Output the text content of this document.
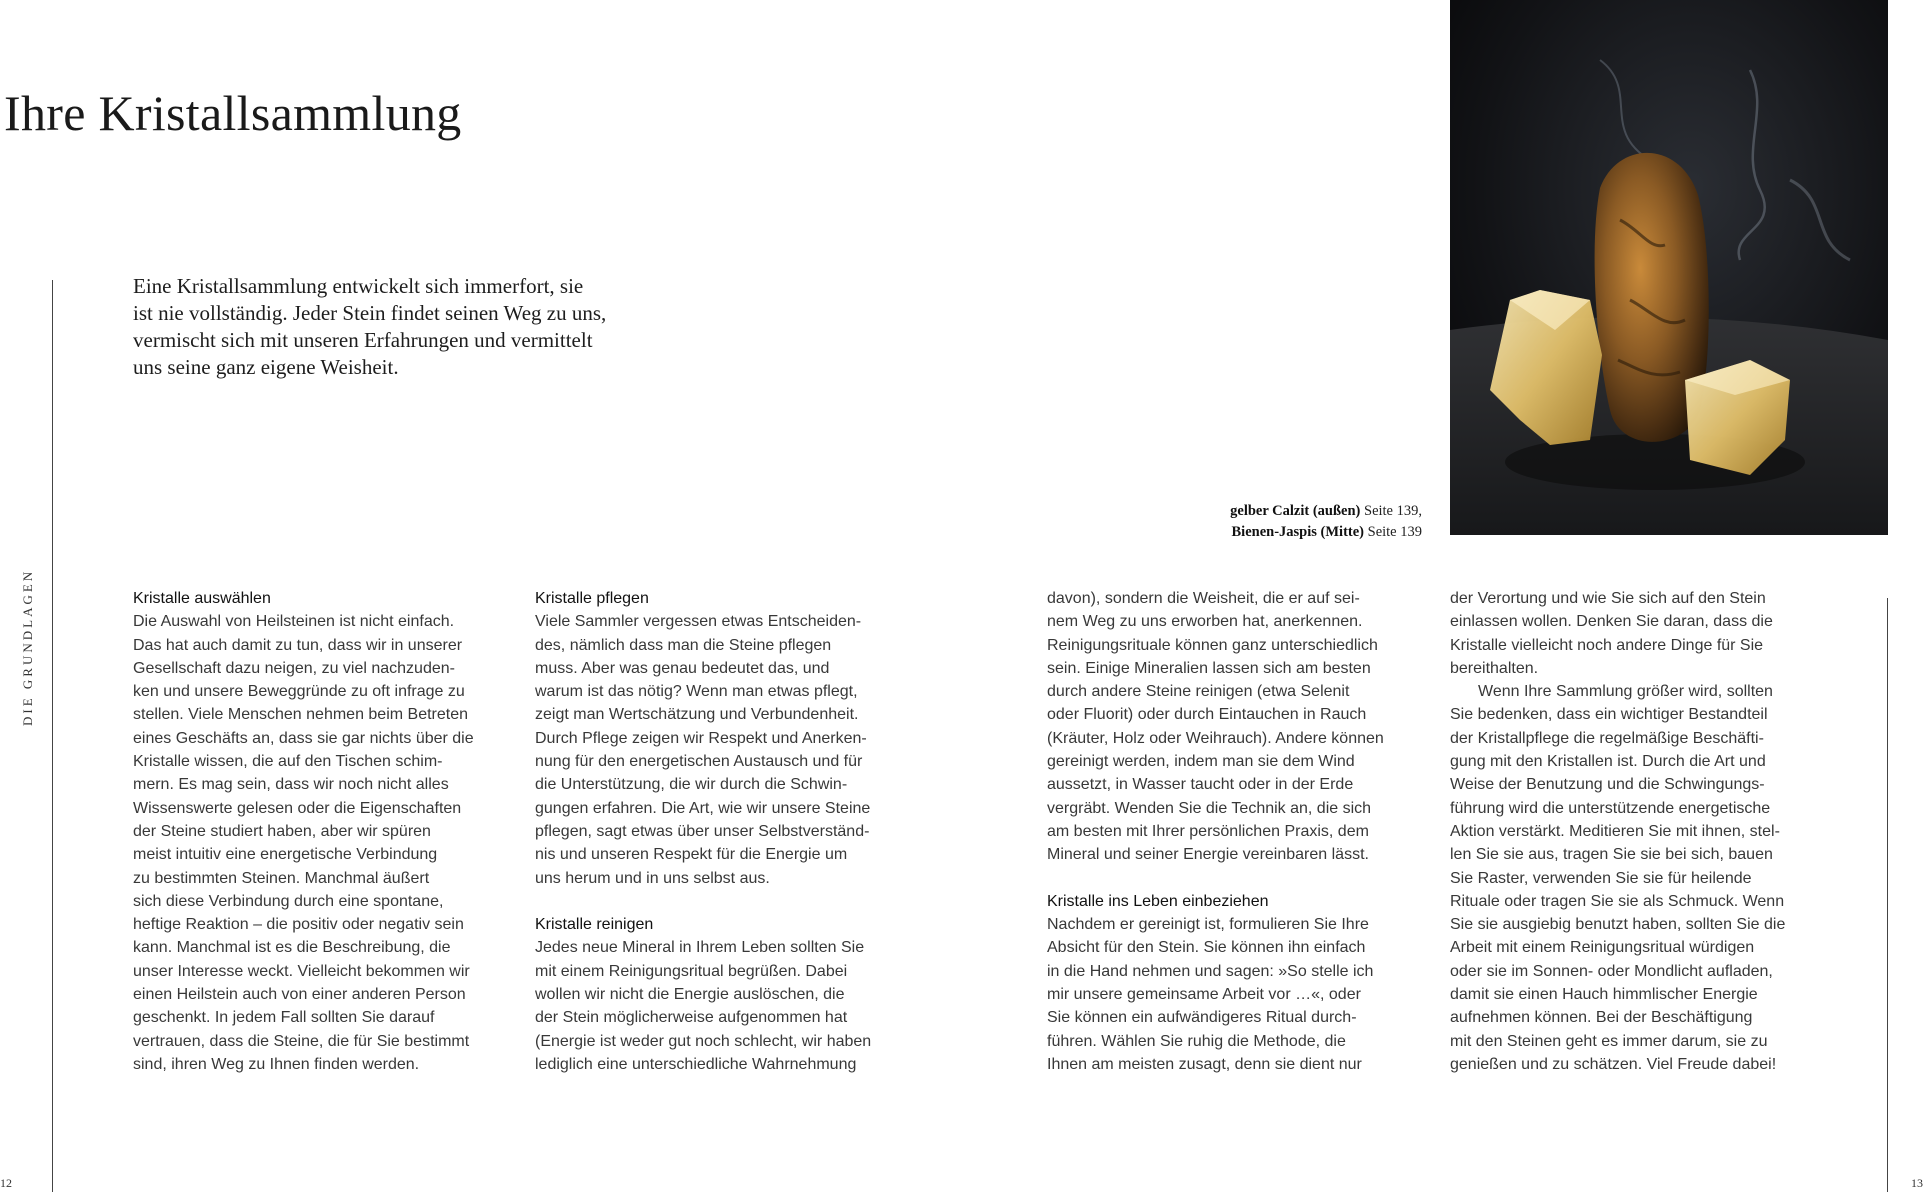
Ihre Kristallsammlung
Eine Kristallsammlung entwickelt sich immerfort, sie
ist nie vollständig. Jeder Stein findet seinen Weg zu uns,
vermischt sich mit unseren Erfahrungen und vermittelt
uns seine ganz eigene Weisheit.
DIE GRUNDLAGEN
gelber Calzit (außen) Seite 139,
Bienen-Jaspis (Mitte) Seite 139
Kristalle auswählen
Die Auswahl von Heilsteinen ist nicht einfach.
Das hat auch damit zu tun, dass wir in unserer
Gesellschaft dazu neigen, zu viel nachzuden-
ken und unsere Beweggründe zu oft infrage zu
stellen. Viele Menschen nehmen beim Betreten
eines Geschäfts an, dass sie gar nichts über die
Kristalle wissen, die auf den Tischen schim-
mern. Es mag sein, dass wir noch nicht alles
Wissenswerte gelesen oder die Eigenschaften
der Steine studiert haben, aber wir spüren
meist intuitiv eine energetische Verbindung
zu bestimmten Steinen. Manchmal äußert
sich diese Verbindung durch eine spontane,
heftige Reaktion – die positiv oder negativ sein
kann. Manchmal ist es die Beschreibung, die
unser Interesse weckt. Vielleicht bekommen wir
einen Heilstein auch von einer anderen Person
geschenkt. In jedem Fall sollten Sie darauf
vertrauen, dass die Steine, die für Sie bestimmt
sind, ihren Weg zu Ihnen finden werden.
Kristalle pflegen
Viele Sammler vergessen etwas Entscheiden-
des, nämlich dass man die Steine pflegen
muss. Aber was genau bedeutet das, und
warum ist das nötig? Wenn man etwas pflegt,
zeigt man Wertschätzung und Verbundenheit.
Durch Pflege zeigen wir Respekt und Anerken-
nung für den energetischen Austausch und für
die Unterstützung, die wir durch die Schwin-
gungen erfahren. Die Art, wie wir unsere Steine
pflegen, sagt etwas über unser Selbstverständ-
nis und unseren Respekt für die Energie um
uns herum und in uns selbst aus.
Kristalle reinigen
Jedes neue Mineral in Ihrem Leben sollten Sie
mit einem Reinigungsritual begrüßen. Dabei
wollen wir nicht die Energie auslöschen, die
der Stein möglicherweise aufgenommen hat
(Energie ist weder gut noch schlecht, wir haben
lediglich eine unterschiedliche Wahrnehmung
davon), sondern die Weisheit, die er auf sei-
nem Weg zu uns erworben hat, anerkennen.
Reinigungsrituale können ganz unterschiedlich
sein. Einige Mineralien lassen sich am besten
durch andere Steine reinigen (etwa Selenit
oder Fluorit) oder durch Eintauchen in Rauch
(Kräuter, Holz oder Weihrauch). Andere können
gereinigt werden, indem man sie dem Wind
aussetzt, in Wasser taucht oder in der Erde
vergräbt. Wenden Sie die Technik an, die sich
am besten mit Ihrer persönlichen Praxis, dem
Mineral und seiner Energie vereinbaren lässt.
Kristalle ins Leben einbeziehen
Nachdem er gereinigt ist, formulieren Sie Ihre
Absicht für den Stein. Sie können ihn einfach
in die Hand nehmen und sagen: »So stelle ich
mir unsere gemeinsame Arbeit vor …«, oder
Sie können ein aufwändigeres Ritual durch-
führen. Wählen Sie ruhig die Methode, die
Ihnen am meisten zusagt, denn sie dient nur
der Verortung und wie Sie sich auf den Stein
einlassen wollen. Denken Sie daran, dass die
Kristalle vielleicht noch andere Dinge für Sie
bereithalten.
Wenn Ihre Sammlung größer wird, sollten
Sie bedenken, dass ein wichtiger Bestandteil
der Kristallpflege die regelmäßige Beschäfti-
gung mit den Kristallen ist. Durch die Art und
Weise der Benutzung und die Schwingungs-
führung wird die unterstützende energetische
Aktion verstärkt. Meditieren Sie mit ihnen, stel-
len Sie sie aus, tragen Sie sie bei sich, bauen
Sie Raster, verwenden Sie sie für heilende
Rituale oder tragen Sie sie als Schmuck. Wenn
Sie sie ausgiebig benutzt haben, sollten Sie die
Arbeit mit einem Reinigungsritual würdigen
oder sie im Sonnen- oder Mondlicht aufladen,
damit sie einen Hauch himmlischer Energie
aufnehmen können. Bei der Beschäftigung
mit den Steinen geht es immer darum, sie zu
genießen und zu schätzen. Viel Freude dabei!
12	13
